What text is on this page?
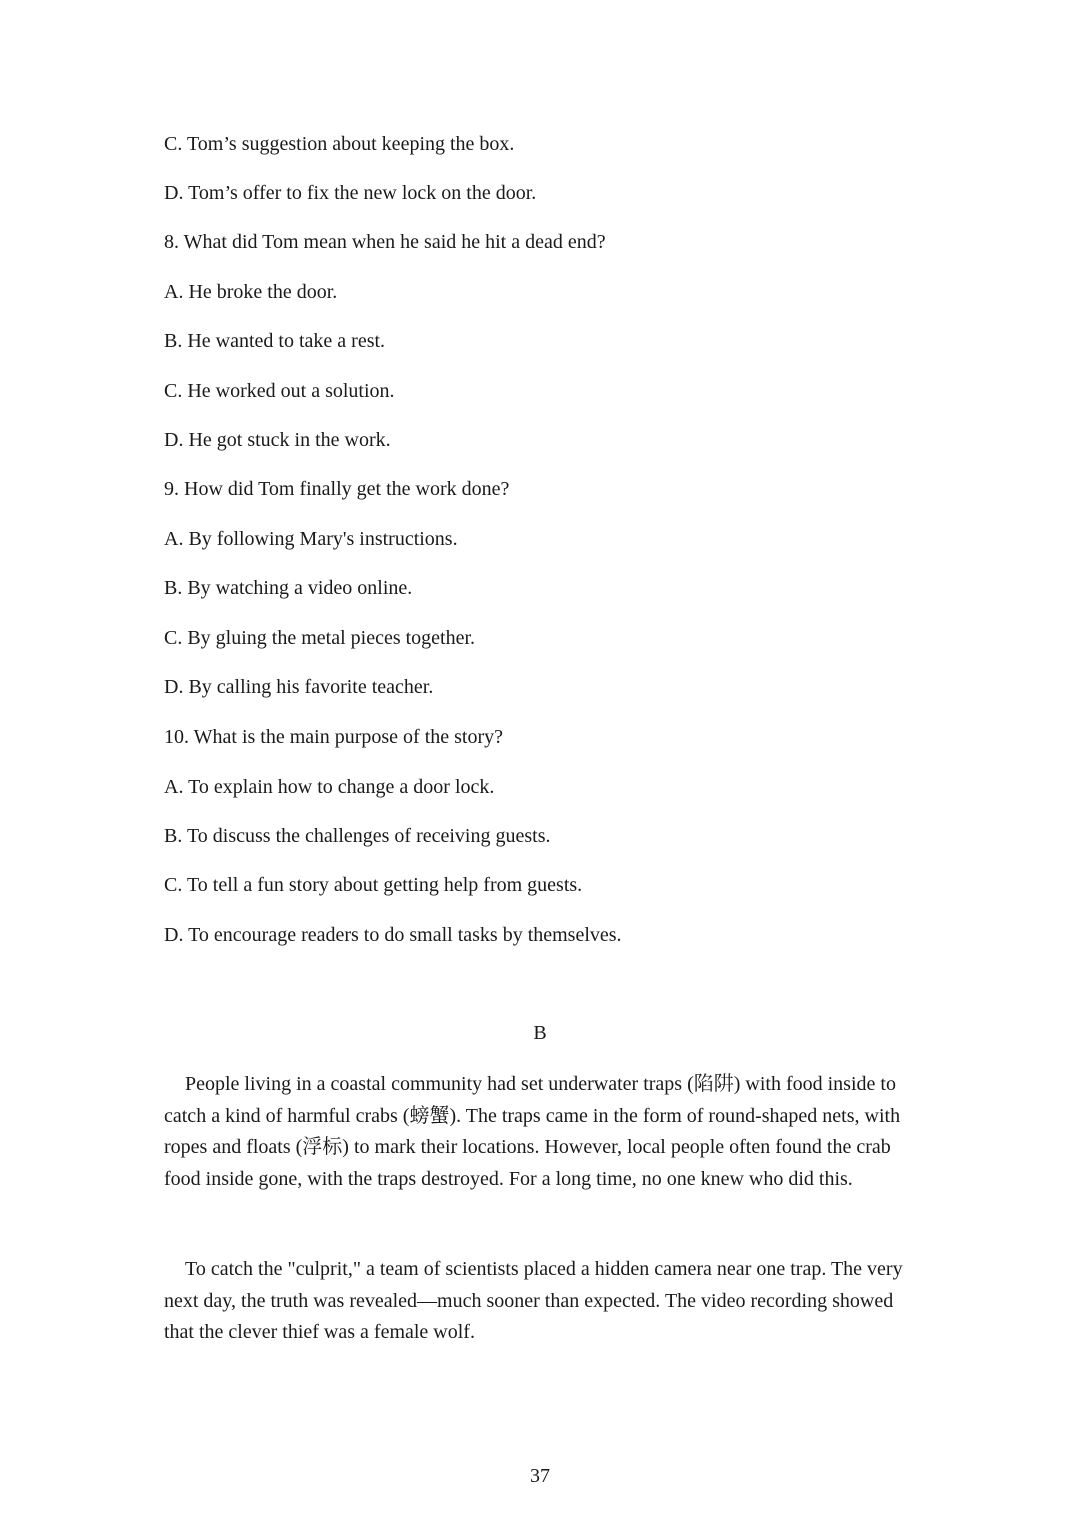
C. Tom’s suggestion about keeping the box.
D. Tom’s offer to fix the new lock on the door.
8. What did Tom mean when he said he hit a dead end?
A. He broke the door.
B. He wanted to take a rest.
C. He worked out a solution.
D. He got stuck in the work.
9. How did Tom finally get the work done?
A. By following Mary's instructions.
B. By watching a video online.
C. By gluing the metal pieces together.
D. By calling his favorite teacher.
10. What is the main purpose of the story?
A. To explain how to change a door lock.
B. To discuss the challenges of receiving guests.
C. To tell a fun story about getting help from guests.
D. To encourage readers to do small tasks by themselves.
B

People living in a coastal community had set underwater traps (陷阱) with food inside to catch a kind of harmful crabs (螃蟹). The traps came in the form of round-shaped nets, with ropes and floats (浮标) to mark their locations. However, local people often found the crab food inside gone, with the traps destroyed. For a long time, no one knew who did this.

To catch the "culprit," a team of scientists placed a hidden camera near one trap. The very next day, the truth was revealed—much sooner than expected. The video recording showed that the clever thief was a female wolf.

37
